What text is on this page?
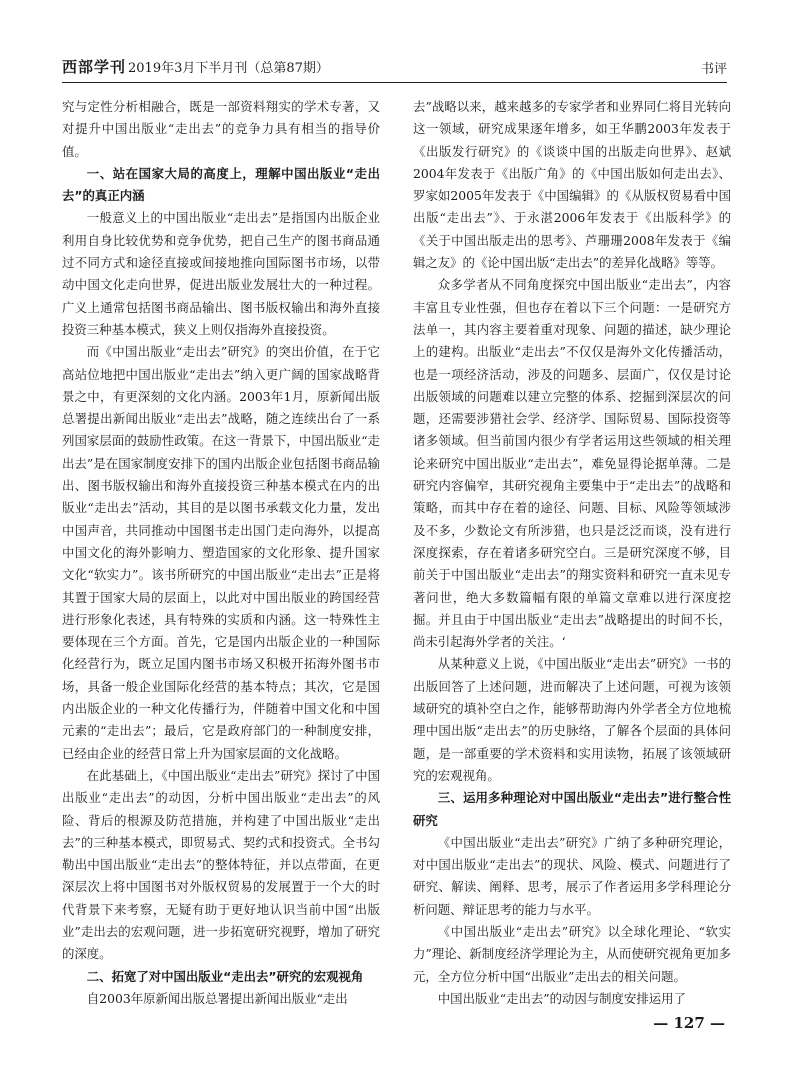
西部学刊 2019年3月下半月刊（总第87期）	书评

究与定性分析相融合，既是一部资料翔实的学术专著，又对提升中国出版业“走出去”的竞争力具有相当的指导价值。

一、站在国家大局的高度上，理解中国出版业“走出去”的真正内涵

一般意义上的中国出版业“走出去”是指国内出版企业利用自身比较优势和竞争优势，把自己生产的图书商品通过不同方式和途径直接或间接地推向国际图书市场，以带动中国文化走向世界，促进出版业发展壮大的一种过程。广义上通常包括图书商品输出、图书版权输出和海外直接投资三种基本模式，狭义上则仅指海外直接投资。

而《中国出版业“走出去”研究》的突出价值，在于它高站位地把中国出版业“走出去”纳入更广阔的国家战略背景之中，有更深刻的文化内涵。2003年1月，原新闻出版总署提出新闻出版业“走出去”战略，随之连续出台了一系列国家层面的鼓励性政策。在这一背景下，中国出版业“走出去”是在国家制度安排下的国内出版企业包括图书商品输出、图书版权输出和海外直接投资三种基本模式在内的出版业“走出去”活动，其目的是以图书承载文化力量，发出中国声音，共同推动中国图书走出国门走向海外，以提高中国文化的海外影响力、塑造国家的文化形象、提升国家文化“软实力”。该书所研究的中国出版业“走出去”正是将其置于国家大局的层面上，以此对中国出版业的跨国经营进行形象化表述，具有特殊的实质和内涵。这一特殊性主要体现在三个方面。首先，它是国内出版企业的一种国际化经营行为，既立足国内图书市场又积极开拓海外图书市场，具备一般企业国际化经营的基本特点；其次，它是国内出版企业的一种文化传播行为，伴随着中国文化和中国元素的“走出去”；最后，它是政府部门的一种制度安排，已经由企业的经营日常上升为国家层面的文化战略。

在此基础上，《中国出版业“走出去”研究》探讨了中国出版业“走出去”的动因，分析中国出版业“走出去”的风险、背后的根源及防范措施，并构建了中国出版业“走出去”的三种基本模式，即贸易式、契约式和投资式。全书勾勒出中国出版业“走出去”的整体特征，并以点带面，在更深层次上将中国图书对外版权贸易的发展置于一个大的时代背景下来考察，无疑有助于更好地认识当前中国“出版业”走出去的宏观问题，进一步拓宽研究视野，增加了研究的深度。

二、拓宽了对中国出版业“走出去”研究的宏观视角

自2003年原新闻出版总署提出新闻出版业“走出

去”战略以来，越来越多的专家学者和业界同仁将目光转向这一领域，研究成果逐年增多，如王华鹏2003年发表于《出版发行研究》的《谈谈中国的出版走向世界》、赵斌2004年发表于《出版广角》的《中国出版如何走出去》、罗家如2005年发表于《中国编辑》的《从版权贸易看中国出版“走出去”》、于永湛2006年发表于《出版科学》的《关于中国出版走出的思考》、芦珊珊2008年发表于《编辑之友》的《论中国出版“走出去”的差异化战略》等等。

众多学者从不同角度探究中国出版业“走出去”，内容丰富且专业性强，但也存在着以下三个问题：一是研究方法单一，其内容主要着重对现象、问题的描述，缺少理论上的建构。出版业“走出去”不仅仅是海外文化传播活动，也是一项经济活动，涉及的问题多、层面广，仅仅是讨论出版领域的问题难以建立完整的体系、挖掘到深层次的问题，还需要涉猎社会学、经济学、国际贸易、国际投资等诸多领域。但当前国内很少有学者运用这些领域的相关理论来研究中国出版业“走出去”，难免显得论据单薄。二是研究内容偏窄，其研究视角主要集中于“走出去”的战略和策略，而其中存在着的途径、问题、目标、风险等领域涉及不多，少数论文有所涉猎，也只是泛泛而谈，没有进行深度探索，存在着诸多研究空白。三是研究深度不够，目前关于中国出版业“走出去”的翔实资料和研究一直未见专著问世，绝大多数篇幅有限的单篇文章难以进行深度挖掘。并且由于中国出版业“走出去”战略提出的时间不长，尚未引起海外学者的关注。‘

从某种意义上说，《中国出版业“走出去”研究》一书的出版回答了上述问题，进而解决了上述问题，可视为该领域研究的填补空白之作，能够帮助海内外学者全方位地梳理中国出版“走出去”的历史脉络，了解各个层面的具体问题，是一部重要的学术资料和实用读物，拓展了该领域研究的宏观视角。

三、运用多种理论对中国出版业“走出去”进行整合性研究

《中国出版业“走出去”研究》广纳了多种研究理论，对中国出版业“走出去”的现状、风险、模式、问题进行了研究、解读、阐释、思考，展示了作者运用多学科理论分析问题、辩证思考的能力与水平。

《中国出版业“走出去”研究》以全球化理论、“软实力”理论、新制度经济学理论为主，从而使研究视角更加多元，全方位分析中国“出版业”走出去的相关问题。

中国出版业“走出去”的动因与制度安排运用了

— 127 —
